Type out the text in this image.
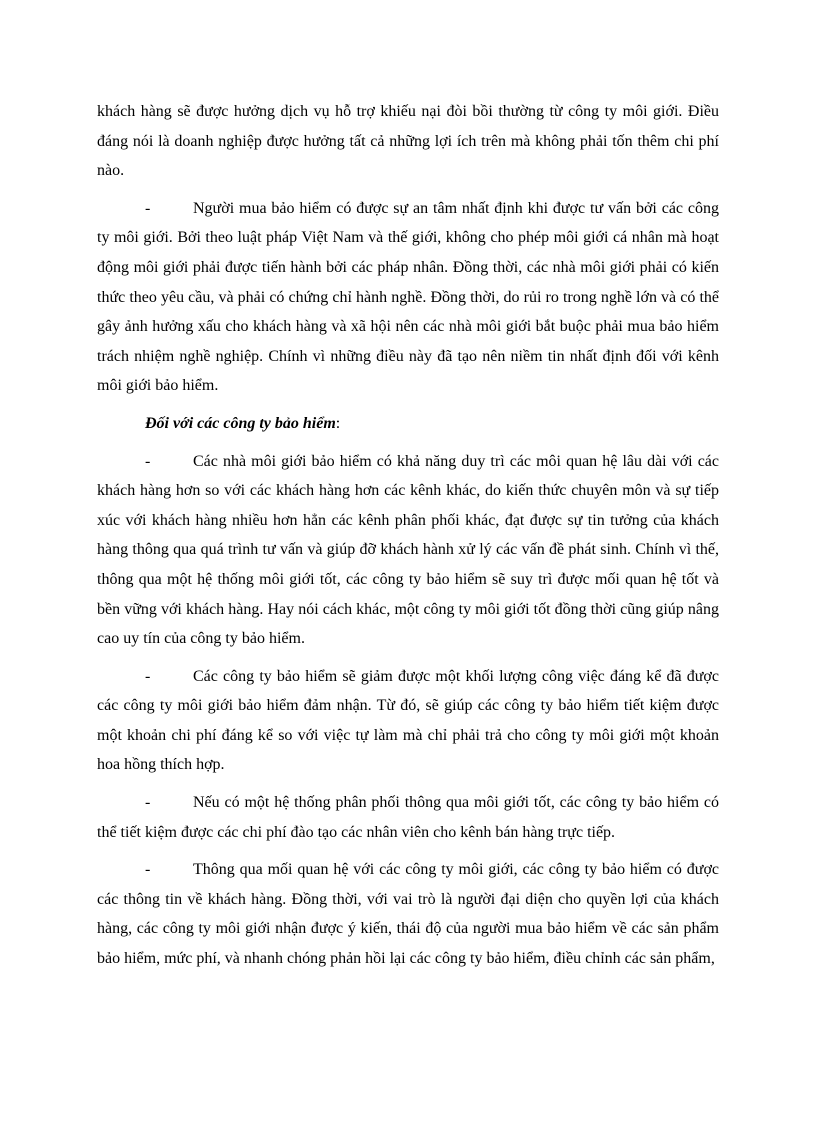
khách hàng sẽ được hưởng dịch vụ hỗ trợ khiếu nại đòi bồi thường từ công ty môi giới. Điều đáng nói là doanh nghiệp được hưởng tất cả những lợi ích trên mà không phải tốn thêm chi phí nào.

-	Người mua bảo hiểm có được sự an tâm nhất định khi được tư vấn bởi các công ty môi giới. Bởi theo luật pháp Việt Nam và thế giới, không cho phép môi giới cá nhân mà hoạt động môi giới phải được tiến hành bởi các pháp nhân. Đồng thời, các nhà môi giới phải có kiến thức theo yêu cầu, và phải có chứng chỉ hành nghề. Đồng thời, do rủi ro trong nghề lớn và có thể gây ảnh hưởng xấu cho khách hàng và xã hội nên các nhà môi giới bắt buộc phải mua bảo hiểm trách nhiệm nghề nghiệp. Chính vì những điều này đã tạo nên niềm tin nhất định đối với kênh môi giới bảo hiểm.

Đối với các công ty bảo hiểm:

-	Các nhà môi giới bảo hiểm có khả năng duy trì các môi quan hệ lâu dài với các khách hàng hơn so với các khách hàng hơn các kênh khác, do kiến thức chuyên môn và sự tiếp xúc với khách hàng nhiều hơn hẳn các kênh phân phối khác, đạt được sự tin tưởng của khách hàng thông qua quá trình tư vấn và giúp đỡ khách hành xử lý các vấn đề phát sinh. Chính vì thế, thông qua một hệ thống môi giới tốt, các công ty bảo hiểm sẽ suy trì được mối quan hệ tốt và bền vững với khách hàng. Hay nói cách khác, một công ty môi giới tốt đồng thời cũng giúp nâng cao uy tín của công ty bảo hiểm.

-	Các công ty bảo hiểm sẽ giảm được một khối lượng công việc đáng kể đã được các công ty môi giới bảo hiểm đảm nhận. Từ đó, sẽ giúp các công ty bảo hiểm tiết kiệm được một khoản chi phí đáng kể so với việc tự làm mà chỉ phải trả cho công ty môi giới một khoản hoa hồng thích hợp.

-	Nếu có một hệ thống phân phối thông qua môi giới tốt, các công ty bảo hiểm có thể tiết kiệm được các chi phí đào tạo các nhân viên cho kênh bán hàng trực tiếp.

-	Thông qua mối quan hệ với các công ty môi giới, các công ty bảo hiểm có được các thông tin về khách hàng. Đồng thời, với vai trò là người đại diện cho quyền lợi của khách hàng, các công ty môi giới nhận được ý kiến, thái độ của người mua bảo hiểm về các sản phẩm bảo hiểm, mức phí, và nhanh chóng phản hồi lại các công ty bảo hiểm, điều chỉnh các sản phẩm,
